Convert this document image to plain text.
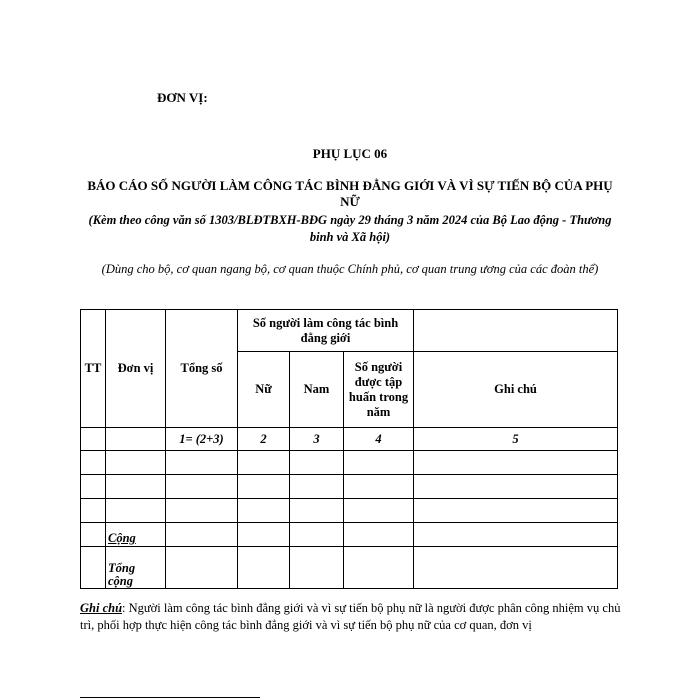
ĐƠN VỊ:
PHỤ LỤC 06
BÁO CÁO SỐ NGƯỜI LÀM CÔNG TÁC BÌNH ĐẲNG GIỚI VÀ VÌ SỰ TIẾN BỘ CỦA PHỤ NỮ
(Kèm theo công văn số 1303/BLĐTBXH-BĐG ngày 29 tháng 3 năm 2024 của Bộ Lao động - Thương binh và Xã hội)
(Dùng cho bộ, cơ quan ngang bộ, cơ quan thuộc Chính phủ, cơ quan trung ương của các đoàn thể)
TT	Đơn vị	Tổng số	Số người làm công tác bình đẳng giới			
			Nữ	Nam	Số người được tập huấn trong năm	Ghi chú
		1= (2+3)	2	3	4	5

	Cộng					
	Tổng cộng					
Ghi chú: Người làm công tác bình đẳng giới và vì sự tiến bộ phụ nữ là người được phân công nhiệm vụ chủ trì, phối hợp thực hiện công tác bình đẳng giới và vì sự tiến bộ phụ nữ của cơ quan, đơn vị
